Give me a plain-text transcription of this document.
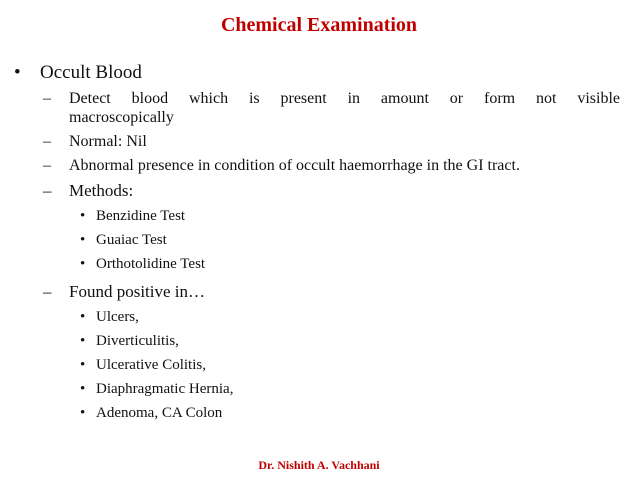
Chemical Examination
• Occult Blood
– Detect blood which is present in amount or form not visible
macroscopically
– Normal: Nil
– Abnormal presence in condition of occult haemorrhage in the GI tract.
– Methods:
• Benzidine Test
• Guaiac Test
• Orthotolidine Test
– Found positive in…
• Ulcers,
• Diverticulitis,
• Ulcerative Colitis,
• Diaphragmatic Hernia,
• Adenoma, CA Colon
Dr. Nishith A. Vachhani
